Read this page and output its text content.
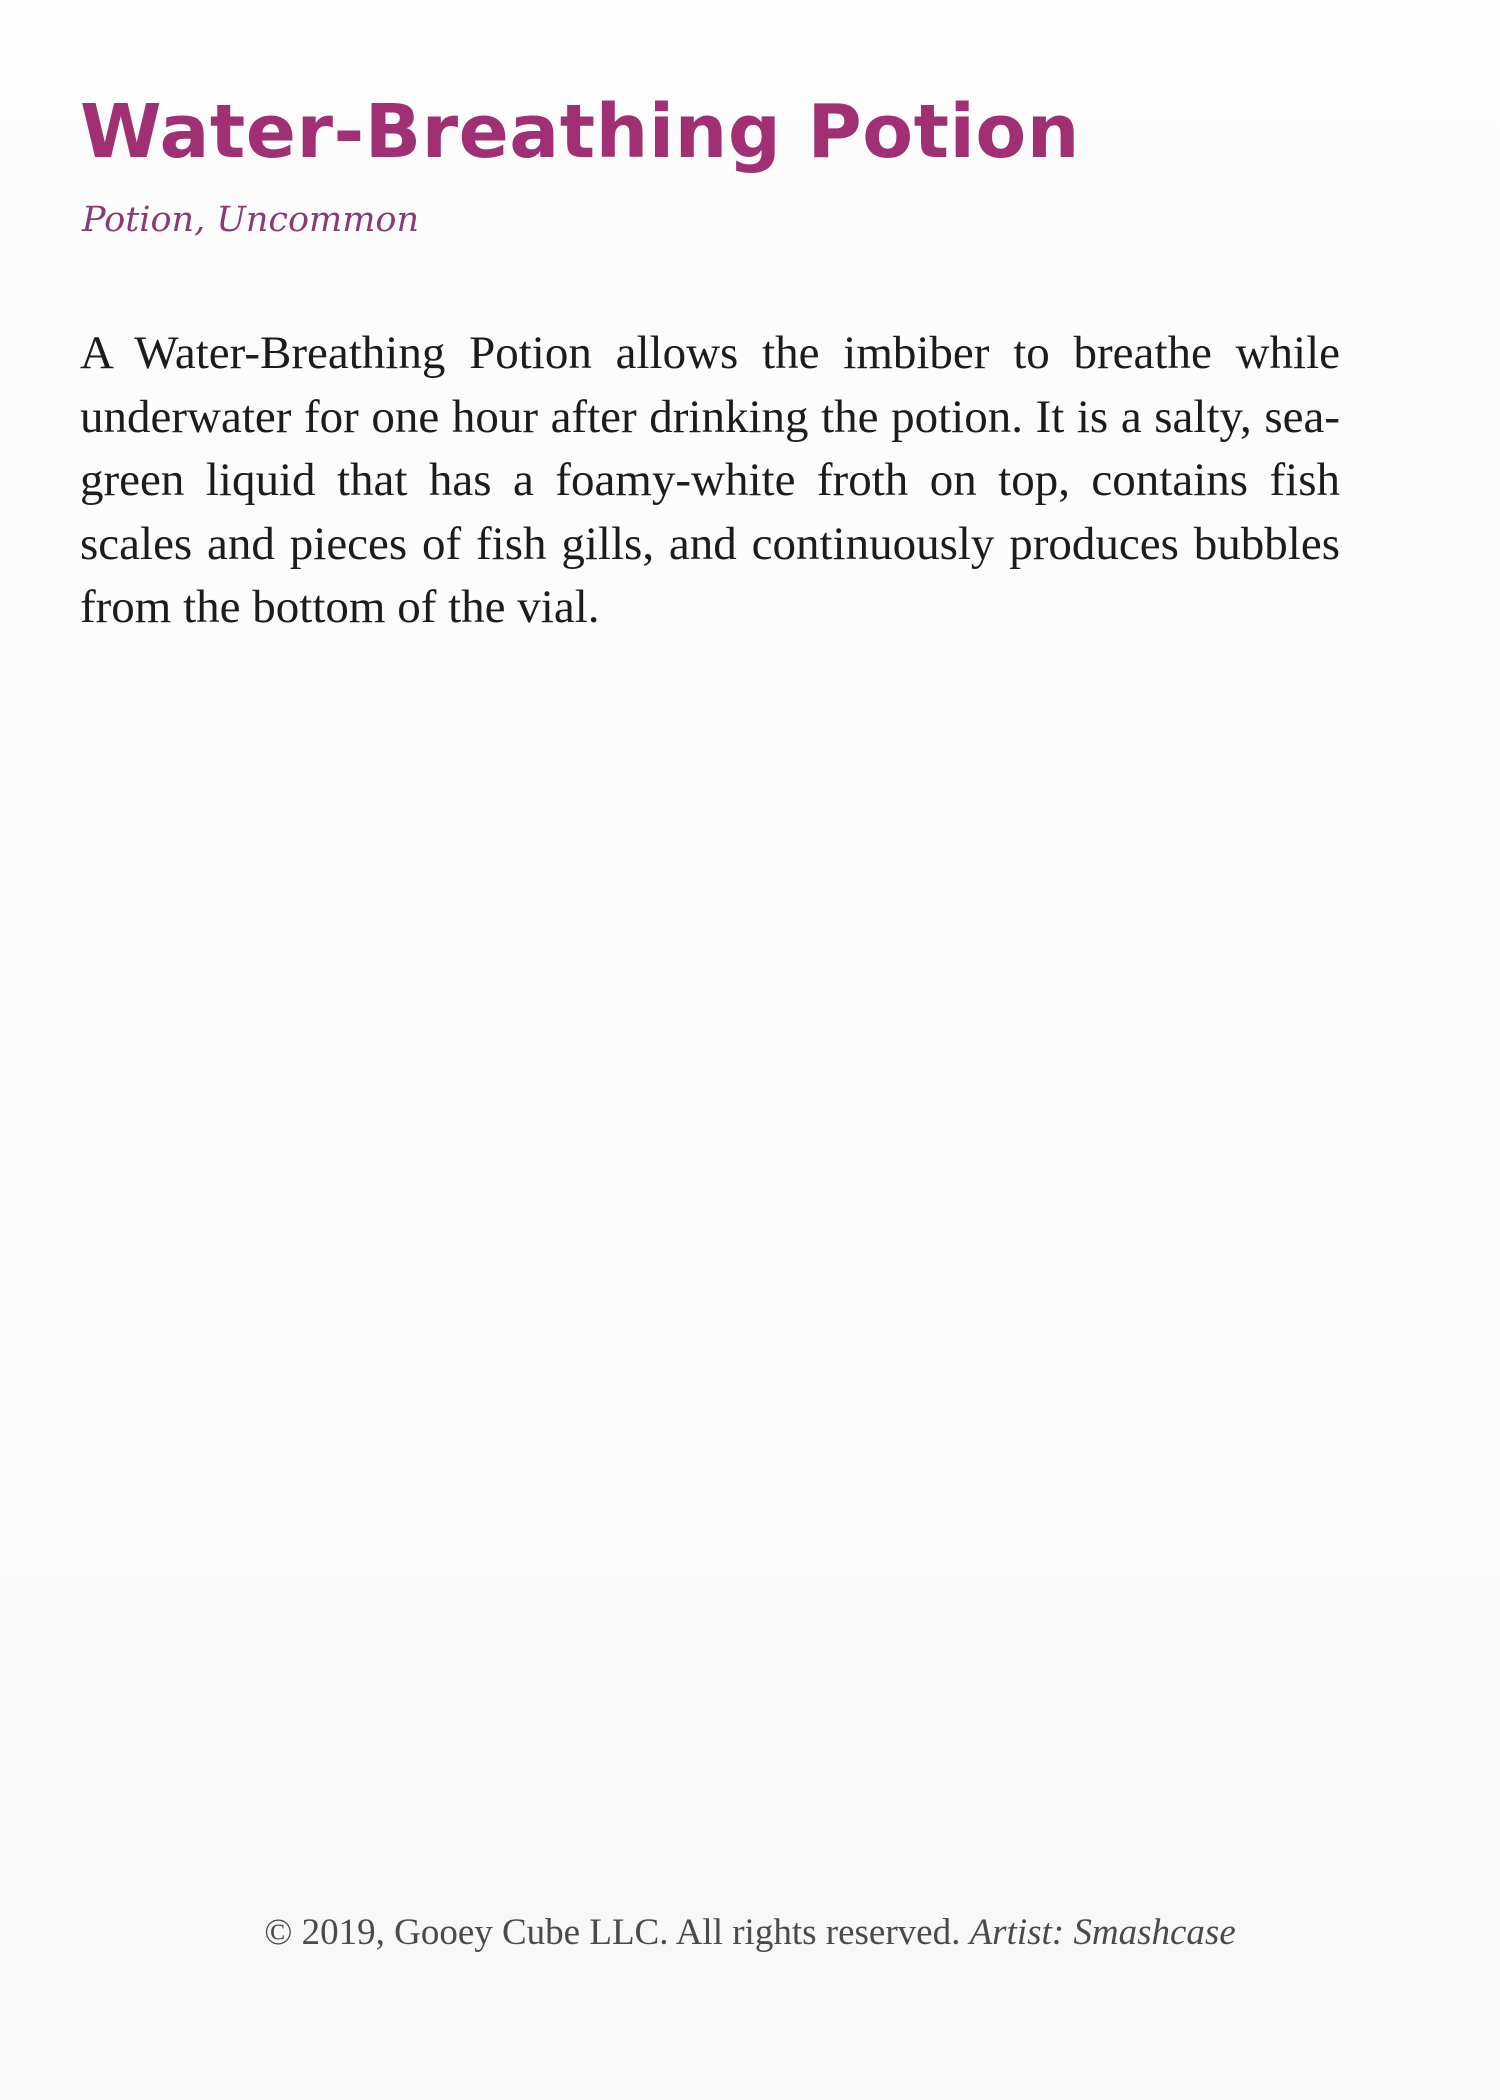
Water-Breathing Potion

Potion, Uncommon

A Water-Breathing Potion allows the imbiber to breathe while underwater for one hour after drinking the potion. It is a salty, sea-green liquid that has a foamy-white froth on top, contains fish scales and pieces of fish gills, and continuously produces bubbles from the bottom of the vial.

© 2019, Gooey Cube LLC. All rights reserved. Artist: Smashcase
